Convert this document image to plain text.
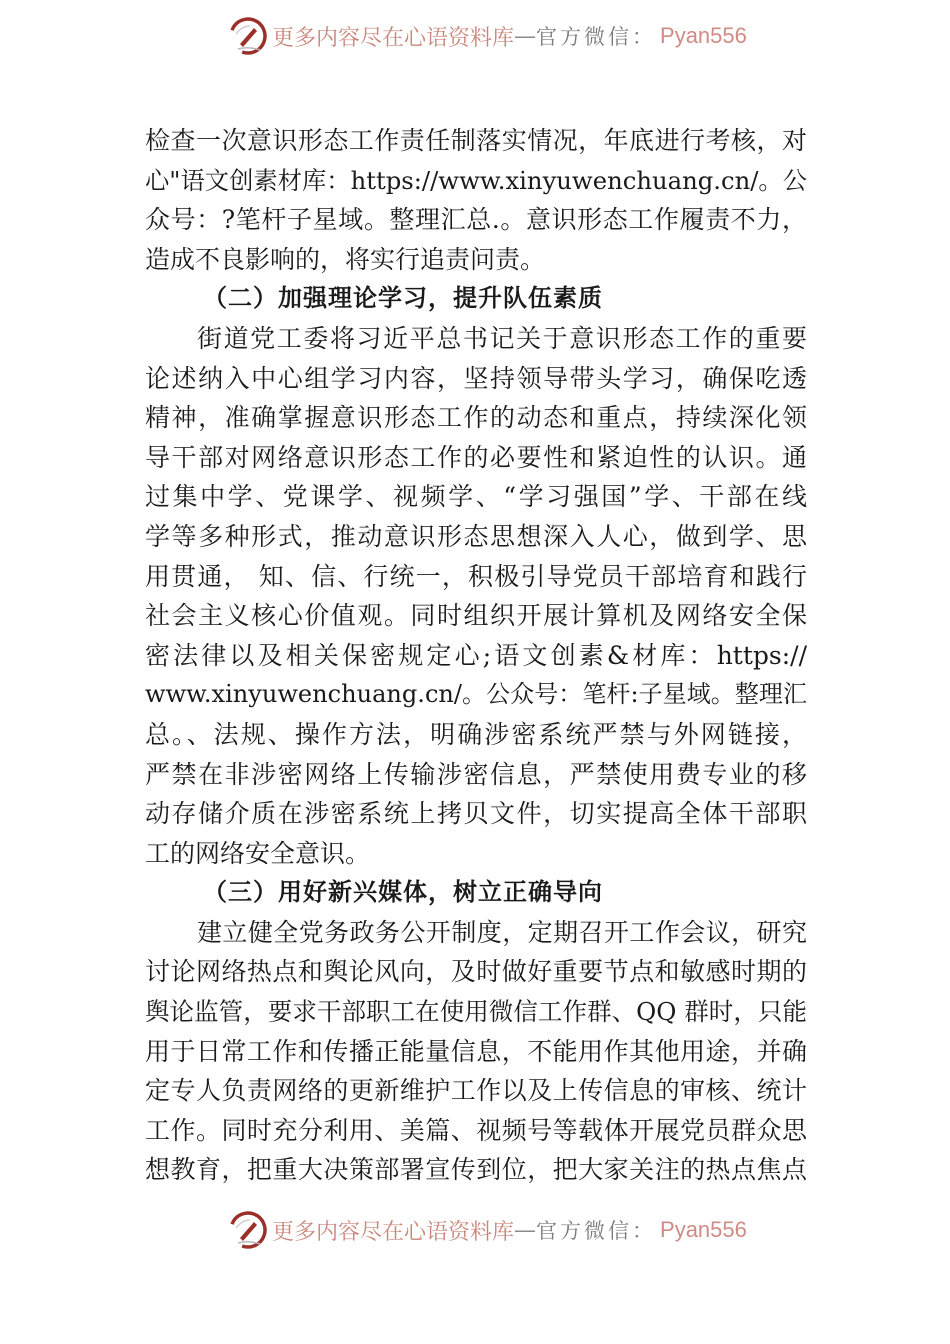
更多内容尽在心语资料库 — 官方微信： Pyan556
检查一次意识形态工作责任制落实情况，年底进行考核，对
心"语文创素材库：https://www.xinyuwenchuang.cn/。公
众号：?笔杆子星域。整理汇总.。意识形态工作履责不力，
造成不良影响的，将实行追责问责。
（二）加强理论学习，提升队伍素质
街道党工委将习近平总书记关于意识形态工作的重要
论述纳入中心组学习内容，坚持领导带头学习，确保吃透
精神，准确掌握意识形态工作的动态和重点，持续深化领
导干部对网络意识形态工作的必要性和紧迫性的认识。通
过集中学、党课学、视频学、“学习强国”学、干部在线
学等多种形式，推动意识形态思想深入人心，做到学、思
用贯通， 知、信、行统一，积极引导党员干部培育和践行
社会主义核心价值观。同时组织开展计算机及网络安全保
密法律以及相关保密规定心;语文创素&材库：https://
www.xinyuwenchuang.cn/。公众号：笔杆:子星域。整理汇
总。、法规、操作方法，明确涉密系统严禁与外网链接，
严禁在非涉密网络上传输涉密信息，严禁使用费专业的移
动存储介质在涉密系统上拷贝文件，切实提高全体干部职
工的网络安全意识。
（三）用好新兴媒体，树立正确导向
建立健全党务政务公开制度，定期召开工作会议，研究
讨论网络热点和舆论风向，及时做好重要节点和敏感时期的
舆论监管，要求干部职工在使用微信工作群、QQ 群时，只能
用于日常工作和传播正能量信息，不能用作其他用途，并确
定专人负责网络的更新维护工作以及上传信息的审核、统计
工作。同时充分利用、美篇、视频号等载体开展党员群众思
想教育，把重大决策部署宣传到位，把大家关注的热点焦点
更多内容尽在心语资料库 — 官方微信： Pyan556
